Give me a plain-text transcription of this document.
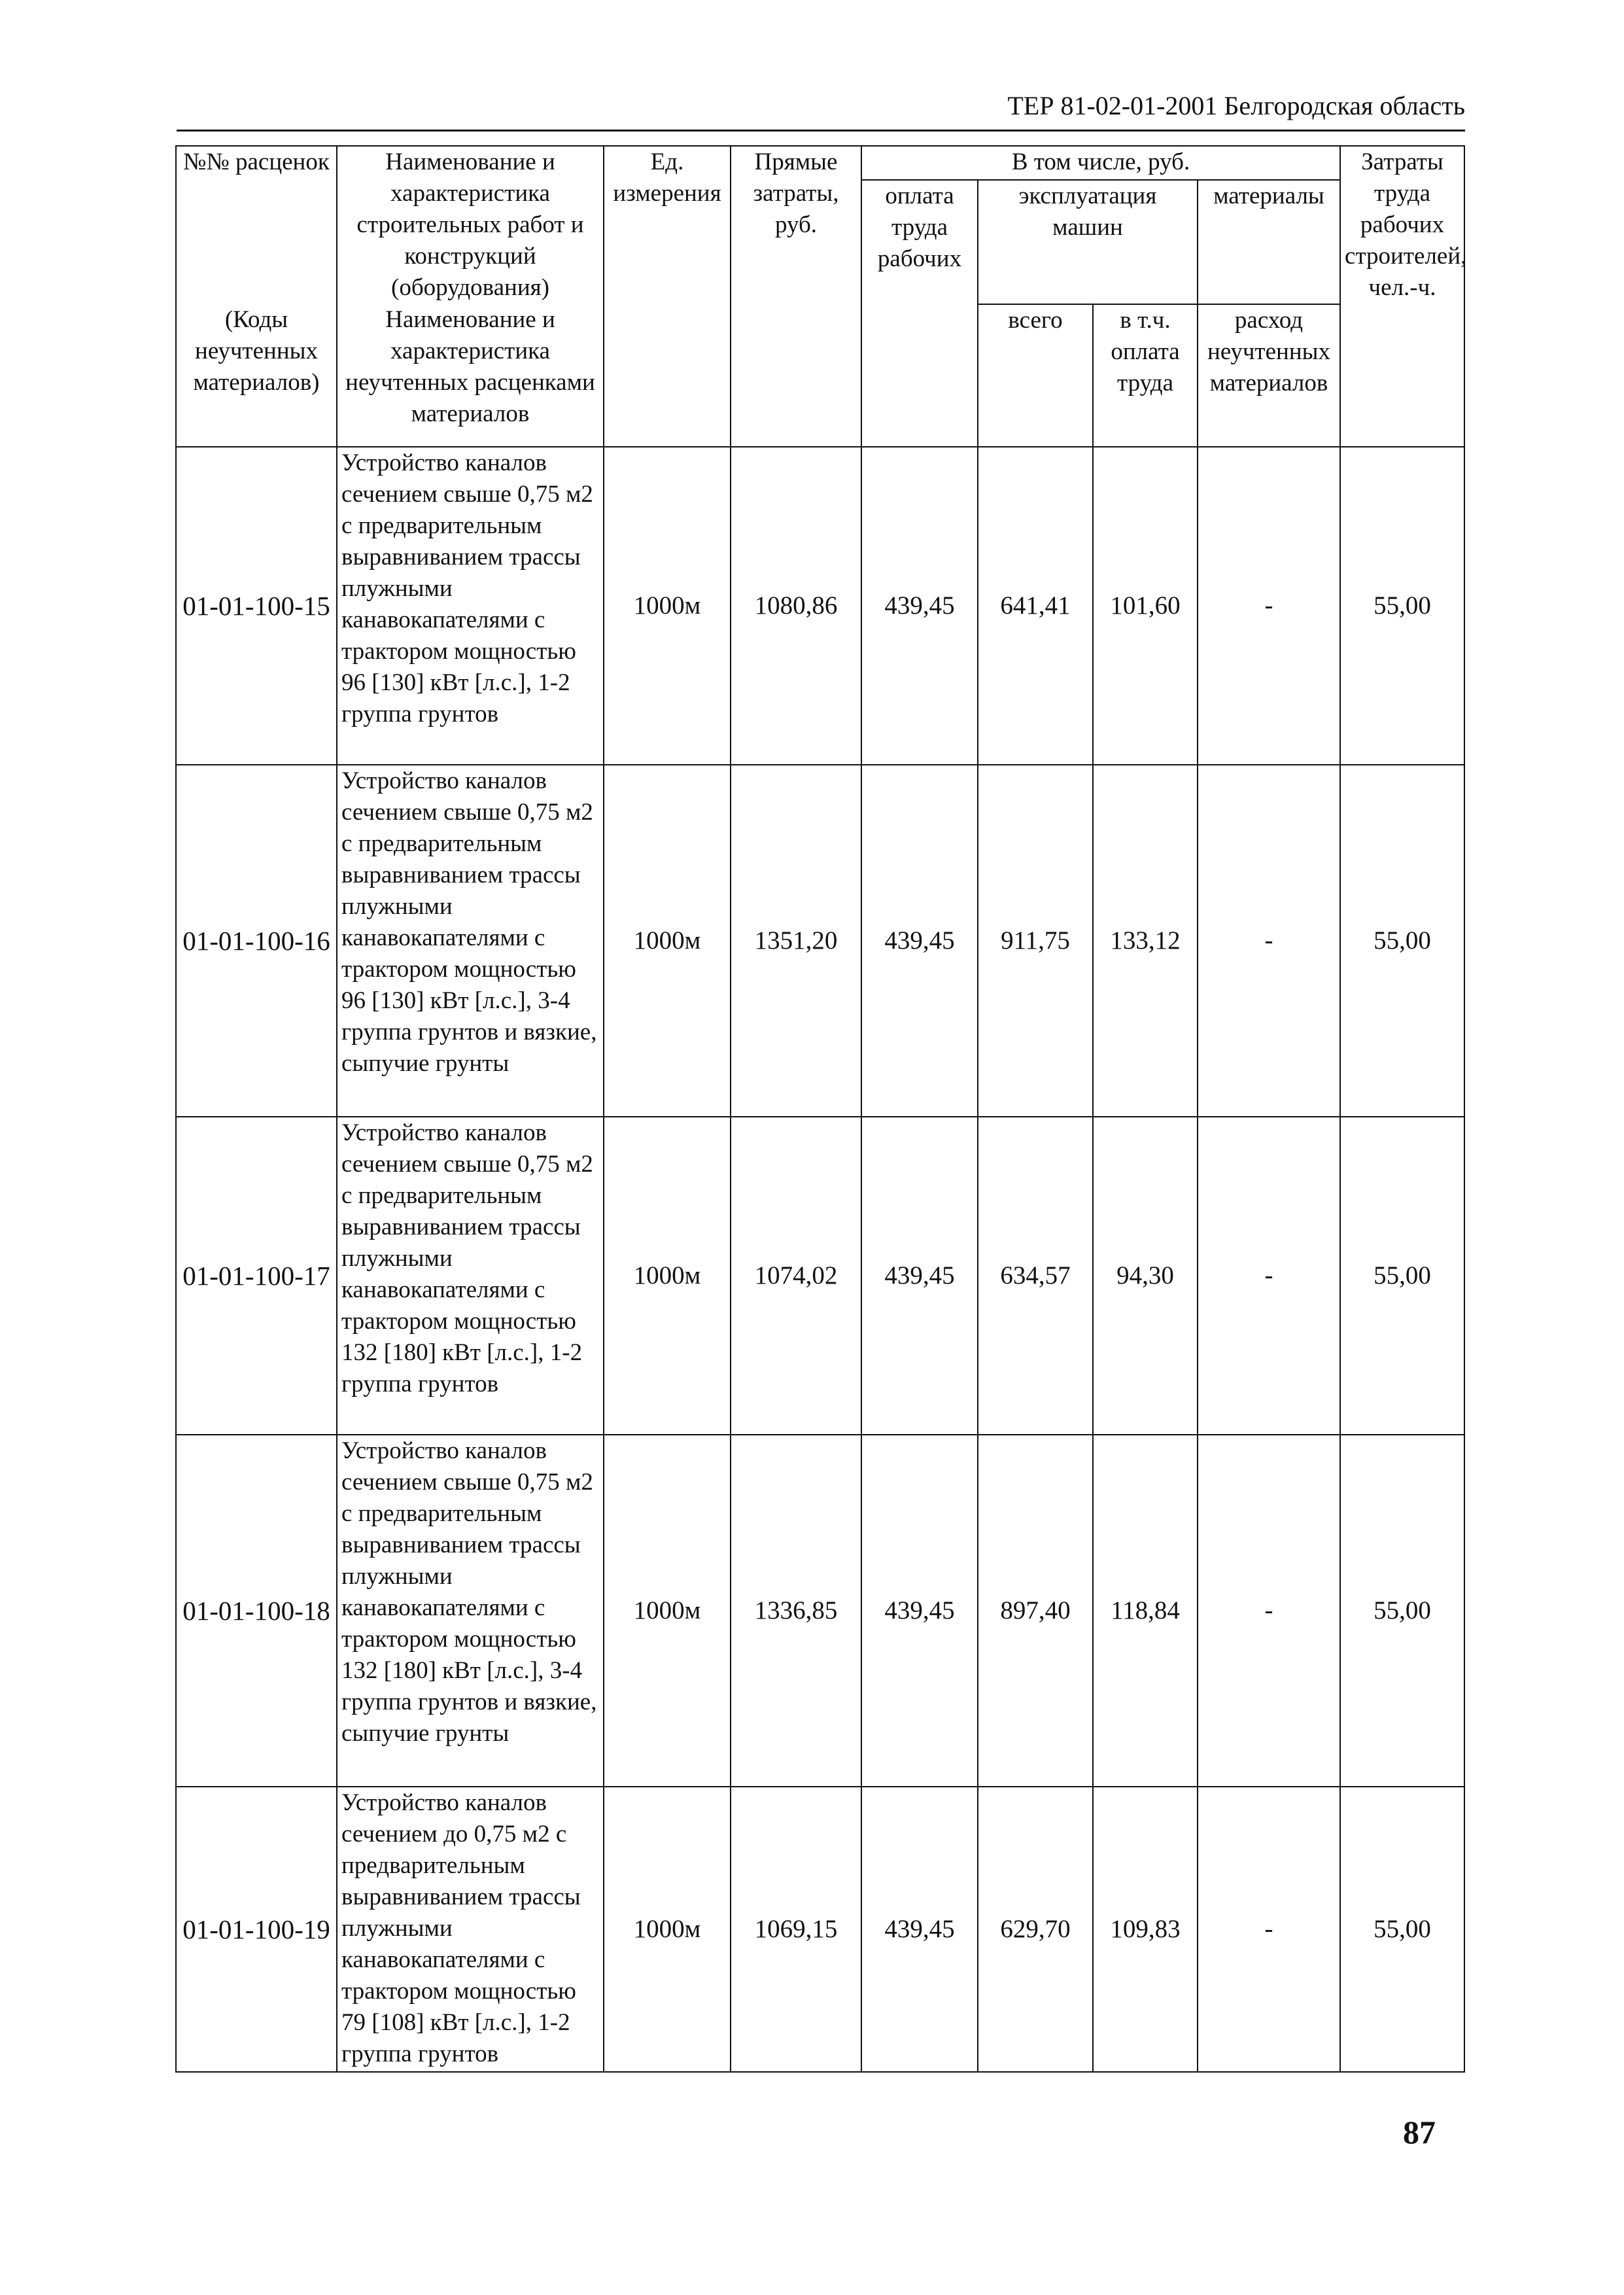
ТЕР 81-02-01-2001 Белгородская область
№№ расценок	Наименование и характеристика строительных работ и конструкций (оборудования)	Ед. измерения	Прямые затраты, руб.	В том числе, руб.				Затраты труда рабочих строителей, чел.-ч.
				оплата труда рабочих	эксплуатация машин		материалы	
(Коды неучтенных материалов)	Наименование и характеристика неучтенных расценками материалов				всего	в т.ч. оплата труда	расход неучтенных материалов	
01-01-100-15	Устройство каналов сечением свыше 0,75 м2 с предварительным выравниванием трассы плужными канавокапателями с трактором мощностью 96 [130] кВт [л.с.], 1-2 группа грунтов	1000м	1080,86	439,45	641,41	101,60	-	55,00
01-01-100-16	Устройство каналов сечением свыше 0,75 м2 с предварительным выравниванием трассы плужными канавокапателями с трактором мощностью 96 [130] кВт [л.с.], 3-4 группа грунтов и вязкие, сыпучие грунты	1000м	1351,20	439,45	911,75	133,12	-	55,00
01-01-100-17	Устройство каналов сечением свыше 0,75 м2 с предварительным выравниванием трассы плужными канавокапателями с трактором мощностью 132 [180] кВт [л.с.], 1-2 группа грунтов	1000м	1074,02	439,45	634,57	94,30	-	55,00
01-01-100-18	Устройство каналов сечением свыше 0,75 м2 с предварительным выравниванием трассы плужными канавокапателями с трактором мощностью 132 [180] кВт [л.с.], 3-4 группа грунтов и вязкие, сыпучие грунты	1000м	1336,85	439,45	897,40	118,84	-	55,00
01-01-100-19	Устройство каналов сечением до 0,75 м2 с предварительным выравниванием трассы плужными канавокапателями с трактором мощностью 79 [108] кВт [л.с.], 1-2 группа грунтов	1000м	1069,15	439,45	629,70	109,83	-	55,00
87
